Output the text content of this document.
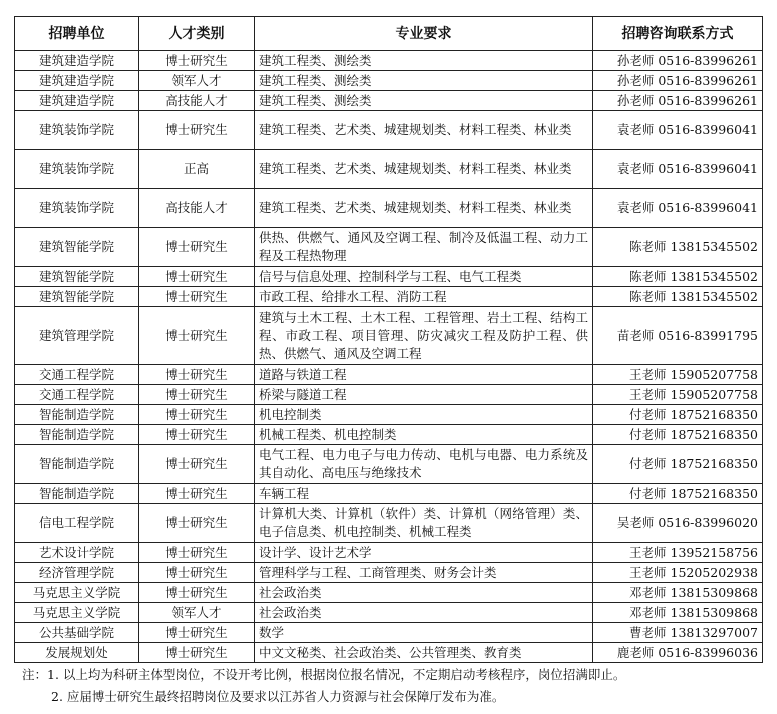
招聘单位	人才类别	专业要求	招聘咨询联系方式
建筑建造学院	博士研究生	建筑工程类、测绘类	孙老师 0516-83996261
建筑建造学院	领军人才	建筑工程类、测绘类	孙老师 0516-83996261
建筑建造学院	高技能人才	建筑工程类、测绘类	孙老师 0516-83996261
建筑装饰学院	博士研究生	建筑工程类、艺术类、城建规划类、材料工程类、林业类	袁老师 0516-83996041
建筑装饰学院	正高	建筑工程类、艺术类、城建规划类、材料工程类、林业类	袁老师 0516-83996041
建筑装饰学院	高技能人才	建筑工程类、艺术类、城建规划类、材料工程类、林业类	袁老师 0516-83996041
建筑智能学院	博士研究生	供热、供燃气、通风及空调工程、制冷及低温工程、动力工程及工程热物理	陈老师 13815345502
建筑智能学院	博士研究生	信号与信息处理、控制科学与工程、电气工程类	陈老师 13815345502
建筑智能学院	博士研究生	市政工程、给排水工程、消防工程	陈老师 13815345502
建筑管理学院	博士研究生	建筑与土木工程、土木工程、工程管理、岩土工程、结构工程、市政工程、项目管理、防灾减灾工程及防护工程、供热、供燃气、通风及空调工程	苗老师 0516-83991795
交通工程学院	博士研究生	道路与铁道工程	王老师 15905207758
交通工程学院	博士研究生	桥梁与隧道工程	王老师 15905207758
智能制造学院	博士研究生	机电控制类	付老师 18752168350
智能制造学院	博士研究生	机械工程类、机电控制类	付老师 18752168350
智能制造学院	博士研究生	电气工程、电力电子与电力传动、电机与电器、电力系统及其自动化、高电压与绝缘技术	付老师 18752168350
智能制造学院	博士研究生	车辆工程	付老师 18752168350
信电工程学院	博士研究生	计算机大类、计算机（软件）类、计算机（网络管理）类、电子信息类、机电控制类、机械工程类	吴老师 0516-83996020
艺术设计学院	博士研究生	设计学、设计艺术学	王老师 13952158756
经济管理学院	博士研究生	管理科学与工程、工商管理类、财务会计类	王老师 15205202938
马克思主义学院	博士研究生	社会政治类	邓老师 13815309868
马克思主义学院	领军人才	社会政治类	邓老师 13815309868
公共基础学院	博士研究生	数学	曹老师 13813297007
发展规划处	博士研究生	中文文秘类、社会政治类、公共管理类、教育类	鹿老师 0516-83996036
注：1. 以上均为科研主体型岗位，不设开考比例，根据岗位报名情况，不定期启动考核程序，岗位招满即止。
2. 应届博士研究生最终招聘岗位及要求以江苏省人力资源与社会保障厅发布为准。
